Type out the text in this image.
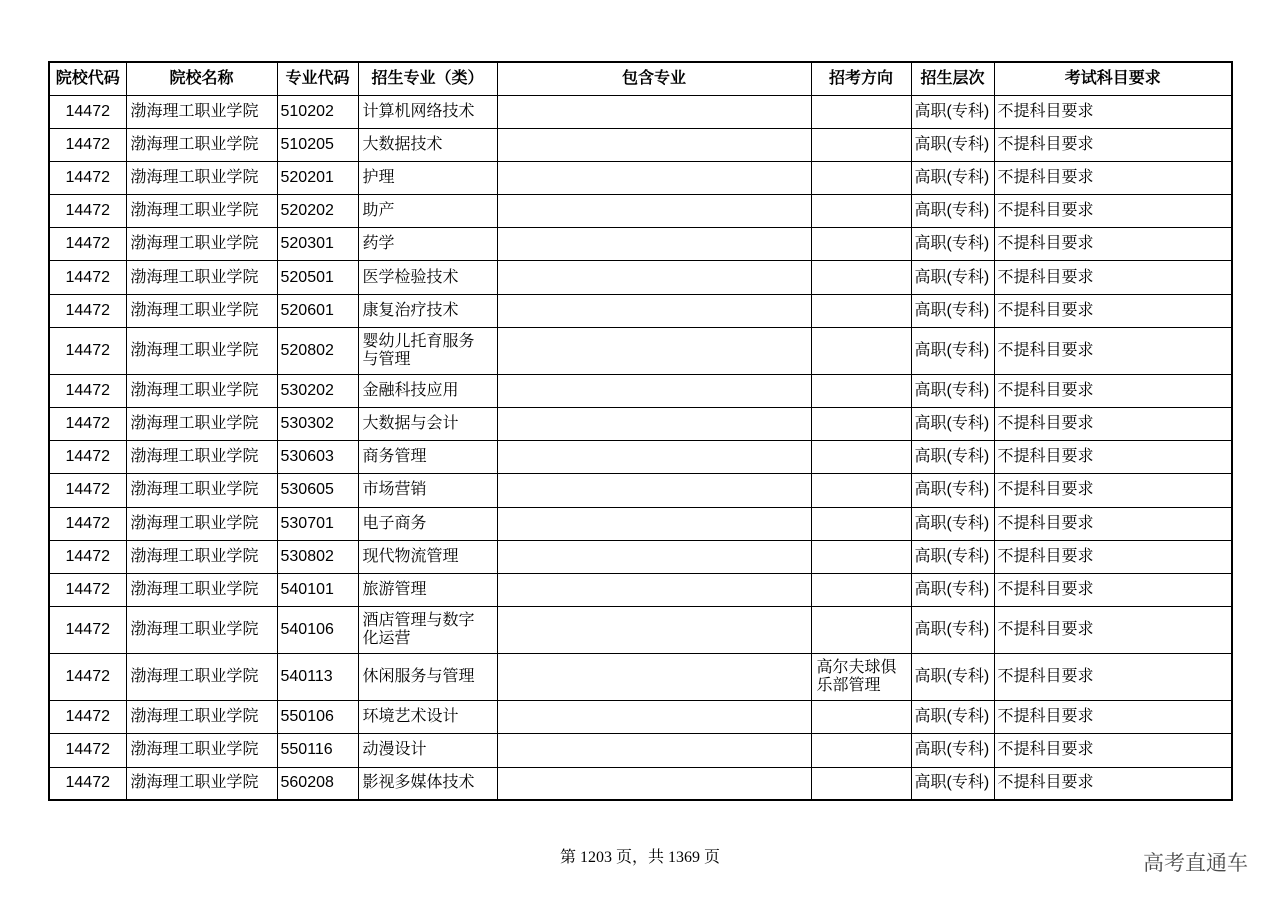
院校代码	院校名称	专业代码	招生专业（类）	包含专业	招考方向	招生层次	考试科目要求
14472	渤海理工职业学院	510202	计算机网络技术			高职(专科)	不提科目要求
14472	渤海理工职业学院	510205	大数据技术			高职(专科)	不提科目要求
14472	渤海理工职业学院	520201	护理			高职(专科)	不提科目要求
14472	渤海理工职业学院	520202	助产			高职(专科)	不提科目要求
14472	渤海理工职业学院	520301	药学			高职(专科)	不提科目要求
14472	渤海理工职业学院	520501	医学检验技术			高职(专科)	不提科目要求
14472	渤海理工职业学院	520601	康复治疗技术			高职(专科)	不提科目要求
14472	渤海理工职业学院	520802	婴幼儿托育服务与管理			高职(专科)	不提科目要求
14472	渤海理工职业学院	530202	金融科技应用			高职(专科)	不提科目要求
14472	渤海理工职业学院	530302	大数据与会计			高职(专科)	不提科目要求
14472	渤海理工职业学院	530603	商务管理			高职(专科)	不提科目要求
14472	渤海理工职业学院	530605	市场营销			高职(专科)	不提科目要求
14472	渤海理工职业学院	530701	电子商务			高职(专科)	不提科目要求
14472	渤海理工职业学院	530802	现代物流管理			高职(专科)	不提科目要求
14472	渤海理工职业学院	540101	旅游管理			高职(专科)	不提科目要求
14472	渤海理工职业学院	540106	酒店管理与数字化运营			高职(专科)	不提科目要求
14472	渤海理工职业学院	540113	休闲服务与管理		高尔夫球俱乐部管理	高职(专科)	不提科目要求
14472	渤海理工职业学院	550106	环境艺术设计			高职(专科)	不提科目要求
14472	渤海理工职业学院	550116	动漫设计			高职(专科)	不提科目要求
14472	渤海理工职业学院	560208	影视多媒体技术			高职(专科)	不提科目要求
第 1203 页，共 1369 页	高考直通车
